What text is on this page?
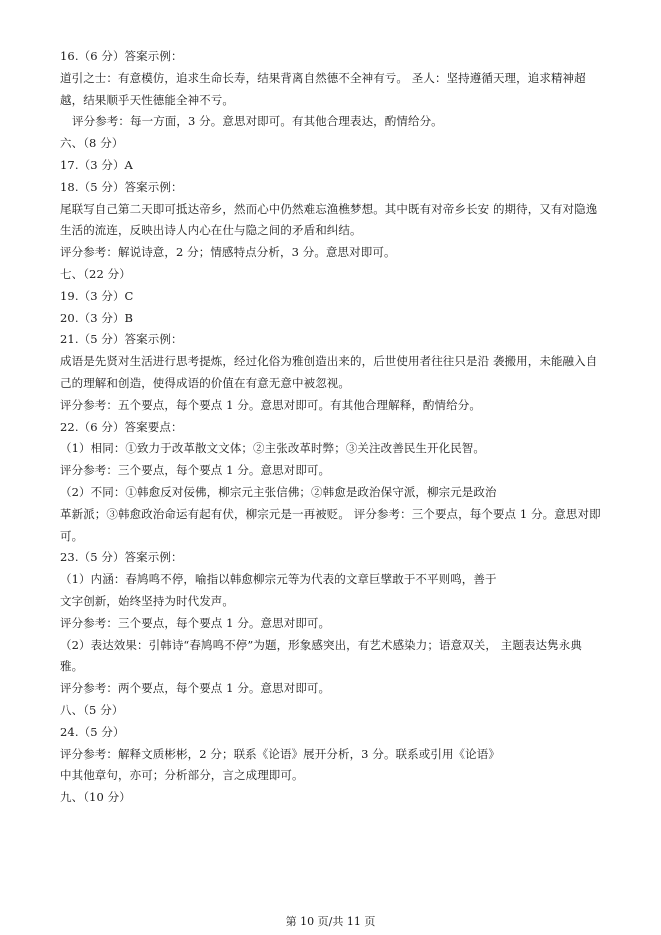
16.（6 分）答案示例：
道引之士：有意模仿，追求生命长寿，结果背离自然德不全神有亏。 圣人：坚持遵循天理，追求精神超
越，结果顺乎天性德能全神不亏。
评分参考：每一方面，3 分。意思对即可。有其他合理表达，酌情给分。
六、（8 分）
17.（3 分）A
18.（5 分）答案示例：
尾联写自己第二天即可抵达帝乡，然而心中仍然难忘渔樵梦想。其中既有对帝乡长安 的期待，又有对隐逸
生活的流连，反映出诗人内心在仕与隐之间的矛盾和纠结。
评分参考：解说诗意，2 分；情感特点分析，3 分。意思对即可。
七、（22 分）
19.（3 分）C
20.（3 分）B
21.（5 分）答案示例：
成语是先贤对生活进行思考提炼，经过化俗为雅创造出来的，后世使用者往往只是沿 袭搬用，未能融入自
己的理解和创造，使得成语的价值在有意无意中被忽视。
评分参考：五个要点，每个要点 1 分。意思对即可。有其他合理解释，酌情给分。
22.（6 分）答案要点：
（1）相同：①致力于改革散文文体；②主张改革时弊；③关注改善民生开化民智。
评分参考：三个要点，每个要点 1 分。意思对即可。
（2）不同：①韩愈反对佞佛，柳宗元主张信佛；②韩愈是政治保守派，柳宗元是政治
革新派；③韩愈政治命运有起有伏，柳宗元是一再被贬。 评分参考：三个要点，每个要点 1 分。意思对即
可。
23.（5 分）答案示例：
（1）内涵：春鸠鸣不停，喻指以韩愈柳宗元等为代表的文章巨擘敢于不平则鸣，善于
文字创新，始终坚持为时代发声。
评分参考：三个要点，每个要点 1 分。意思对即可。
（2）表达效果：引韩诗“春鸠鸣不停”为题，形象感突出，有艺术感染力；语意双关， 主题表达隽永典
雅。
评分参考：两个要点，每个要点 1 分。意思对即可。
八、（5 分）
24.（5 分）
评分参考：解释文质彬彬，2 分；联系《论语》展开分析，3 分。联系或引用《论语》
中其他章句，亦可；分析部分，言之成理即可。
九、（10 分）
第 10 页/共 11 页
